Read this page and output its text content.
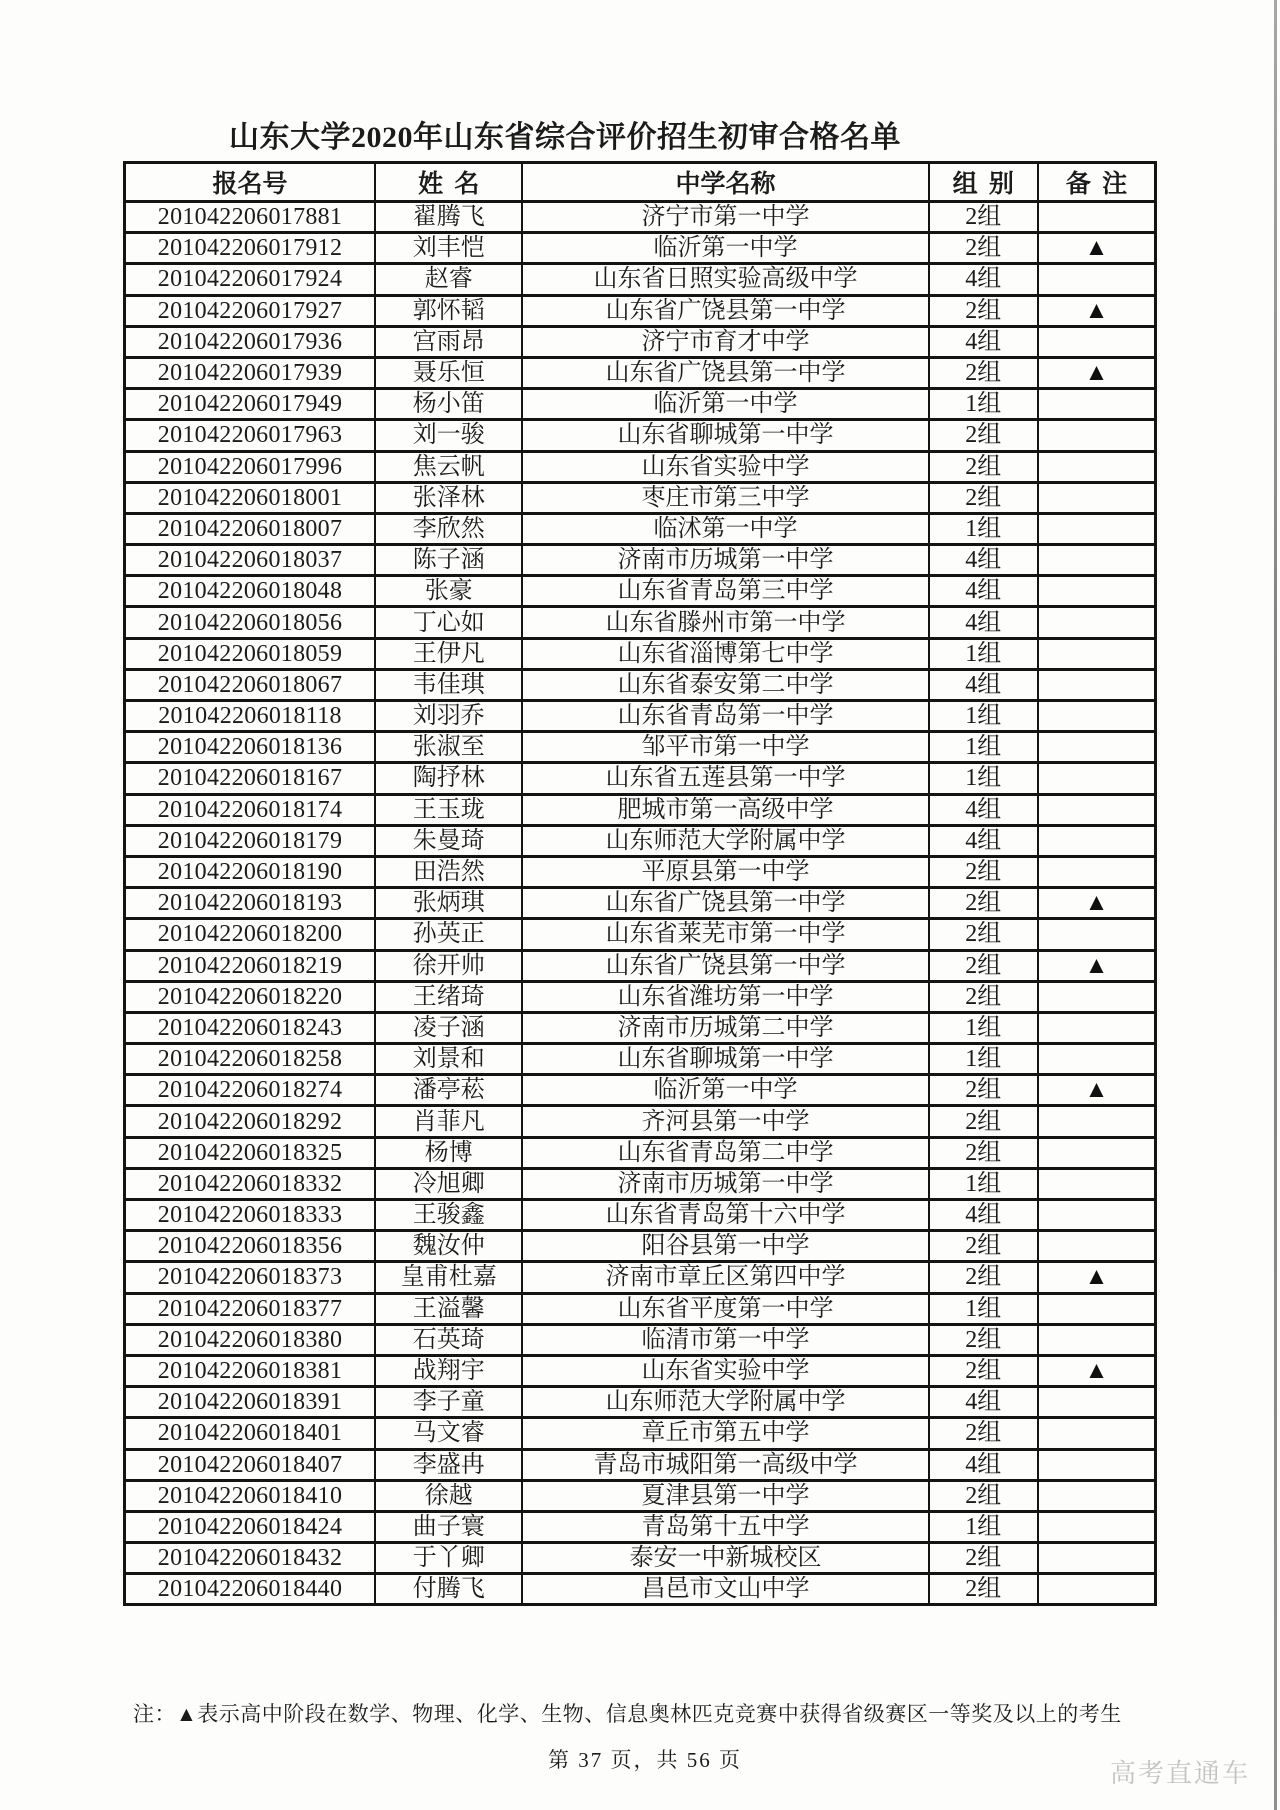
山东大学2020年山东省综合评价招生初审合格名单
报名号	姓名	中学名称	组别	备注
201042206017881	翟腾飞	济宁市第一中学	2组	
201042206017912	刘丰恺	临沂第一中学	2组	▲
201042206017924	赵睿	山东省日照实验高级中学	4组	
201042206017927	郭怀韬	山东省广饶县第一中学	2组	▲
201042206017936	宫雨昂	济宁市育才中学	4组	
201042206017939	聂乐恒	山东省广饶县第一中学	2组	▲
201042206017949	杨小笛	临沂第一中学	1组	
201042206017963	刘一骏	山东省聊城第一中学	2组	
201042206017996	焦云帆	山东省实验中学	2组	
201042206018001	张泽林	枣庄市第三中学	2组	
201042206018007	李欣然	临沭第一中学	1组	
201042206018037	陈子涵	济南市历城第一中学	4组	
201042206018048	张豪	山东省青岛第三中学	4组	
201042206018056	丁心如	山东省滕州市第一中学	4组	
201042206018059	王伊凡	山东省淄博第七中学	1组	
201042206018067	韦佳琪	山东省泰安第二中学	4组	
201042206018118	刘羽乔	山东省青岛第一中学	1组	
201042206018136	张淑至	邹平市第一中学	1组	
201042206018167	陶抒林	山东省五莲县第一中学	1组	
201042206018174	王玉珑	肥城市第一高级中学	4组	
201042206018179	朱曼琦	山东师范大学附属中学	4组	
201042206018190	田浩然	平原县第一中学	2组	
201042206018193	张炳琪	山东省广饶县第一中学	2组	▲
201042206018200	孙英正	山东省莱芜市第一中学	2组	
201042206018219	徐开帅	山东省广饶县第一中学	2组	▲
201042206018220	王绪琦	山东省潍坊第一中学	2组	
201042206018243	凌子涵	济南市历城第二中学	1组	
201042206018258	刘景和	山东省聊城第一中学	1组	
201042206018274	潘亭菘	临沂第一中学	2组	▲
201042206018292	肖菲凡	齐河县第一中学	2组	
201042206018325	杨博	山东省青岛第二中学	2组	
201042206018332	冷旭卿	济南市历城第一中学	1组	
201042206018333	王骏鑫	山东省青岛第十六中学	4组	
201042206018356	魏汝仲	阳谷县第一中学	2组	
201042206018373	皇甫杜嘉	济南市章丘区第四中学	2组	▲
201042206018377	王溢馨	山东省平度第一中学	1组	
201042206018380	石英琦	临清市第一中学	2组	
201042206018381	战翔宇	山东省实验中学	2组	▲
201042206018391	李子童	山东师范大学附属中学	4组	
201042206018401	马文睿	章丘市第五中学	2组	
201042206018407	李盛冉	青岛市城阳第一高级中学	4组	
201042206018410	徐越	夏津县第一中学	2组	
201042206018424	曲子寰	青岛第十五中学	1组	
201042206018432	于丫卿	泰安一中新城校区	2组	
201042206018440	付腾飞	昌邑市文山中学	2组	
注：▲表示高中阶段在数学、物理、化学、生物、信息奥林匹克竞赛中获得省级赛区一等奖及以上的考生
第 37 页，共 56 页	高考直通车
